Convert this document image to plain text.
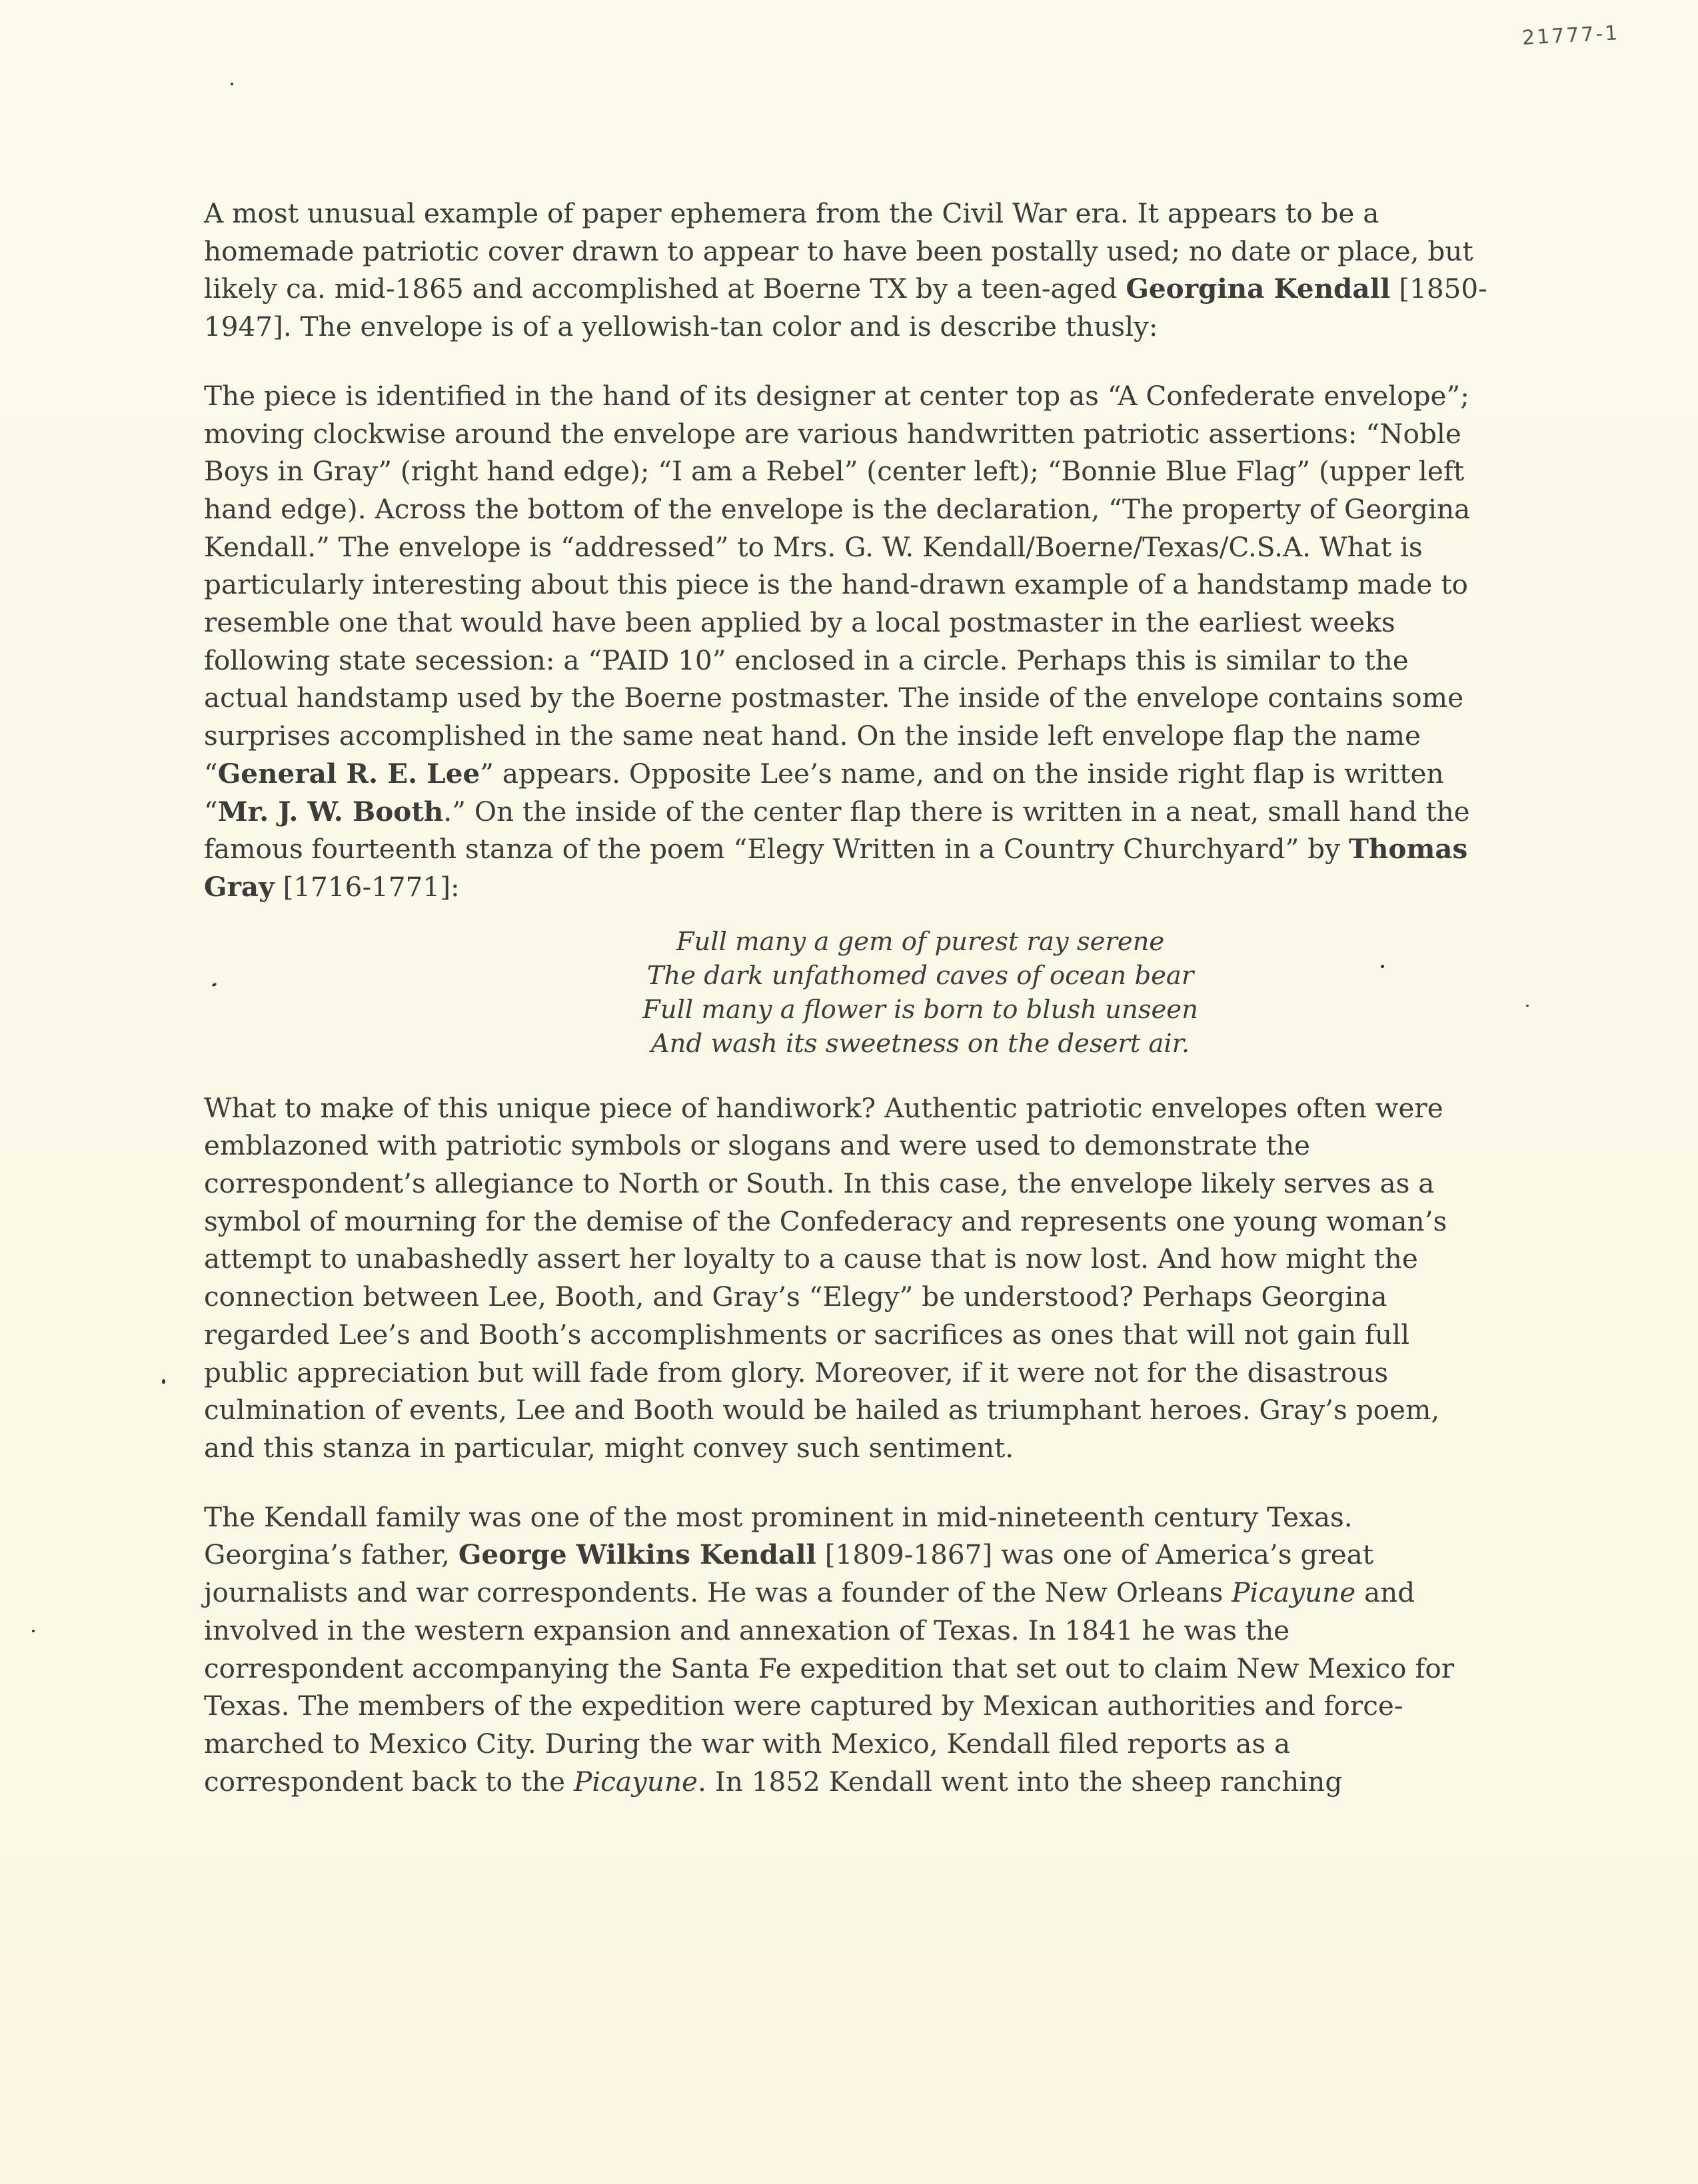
21777-1

A most unusual example of paper ephemera from the Civil War era. It appears to be a homemade patriotic cover drawn to appear to have been postally used; no date or place, but likely ca. mid-1865 and accomplished at Boerne TX by a teen-aged Georgina Kendall [1850-1947]. The envelope is of a yellowish-tan color and is describe thusly:

The piece is identified in the hand of its designer at center top as “A Confederate envelope”; moving clockwise around the envelope are various handwritten patriotic assertions: “Noble Boys in Gray” (right hand edge); “I am a Rebel” (center left); “Bonnie Blue Flag” (upper left hand edge). Across the bottom of the envelope is the declaration, “The property of Georgina Kendall.” The envelope is “addressed” to Mrs. G. W. Kendall/Boerne/Texas/C.S.A. What is particularly interesting about this piece is the hand-drawn example of a handstamp made to resemble one that would have been applied by a local postmaster in the earliest weeks following state secession: a “PAID 10” enclosed in a circle. Perhaps this is similar to the actual handstamp used by the Boerne postmaster. The inside of the envelope contains some surprises accomplished in the same neat hand. On the inside left envelope flap the name “General R. E. Lee” appears. Opposite Lee’s name, and on the inside right flap is written “Mr. J. W. Booth.” On the inside of the center flap there is written in a neat, small hand the famous fourteenth stanza of the poem “Elegy Written in a Country Churchyard” by Thomas Gray [1716-1771]:

Full many a gem of purest ray serene
The dark unfathomed caves of ocean bear
Full many a flower is born to blush unseen
And wash its sweetness on the desert air.

What to make of this unique piece of handiwork? Authentic patriotic envelopes often were emblazoned with patriotic symbols or slogans and were used to demonstrate the correspondent’s allegiance to North or South. In this case, the envelope likely serves as a symbol of mourning for the demise of the Confederacy and represents one young woman’s attempt to unabashedly assert her loyalty to a cause that is now lost. And how might the connection between Lee, Booth, and Gray’s “Elegy” be understood? Perhaps Georgina regarded Lee’s and Booth’s accomplishments or sacrifices as ones that will not gain full public appreciation but will fade from glory. Moreover, if it were not for the disastrous culmination of events, Lee and Booth would be hailed as triumphant heroes. Gray’s poem, and this stanza in particular, might convey such sentiment.

The Kendall family was one of the most prominent in mid-nineteenth century Texas. Georgina’s father, George Wilkins Kendall [1809-1867] was one of America’s great journalists and war correspondents. He was a founder of the New Orleans Picayune and involved in the western expansion and annexation of Texas. In 1841 he was the correspondent accompanying the Santa Fe expedition that set out to claim New Mexico for Texas. The members of the expedition were captured by Mexican authorities and force-marched to Mexico City. During the war with Mexico, Kendall filed reports as a correspondent back to the Picayune. In 1852 Kendall went into the sheep ranching
